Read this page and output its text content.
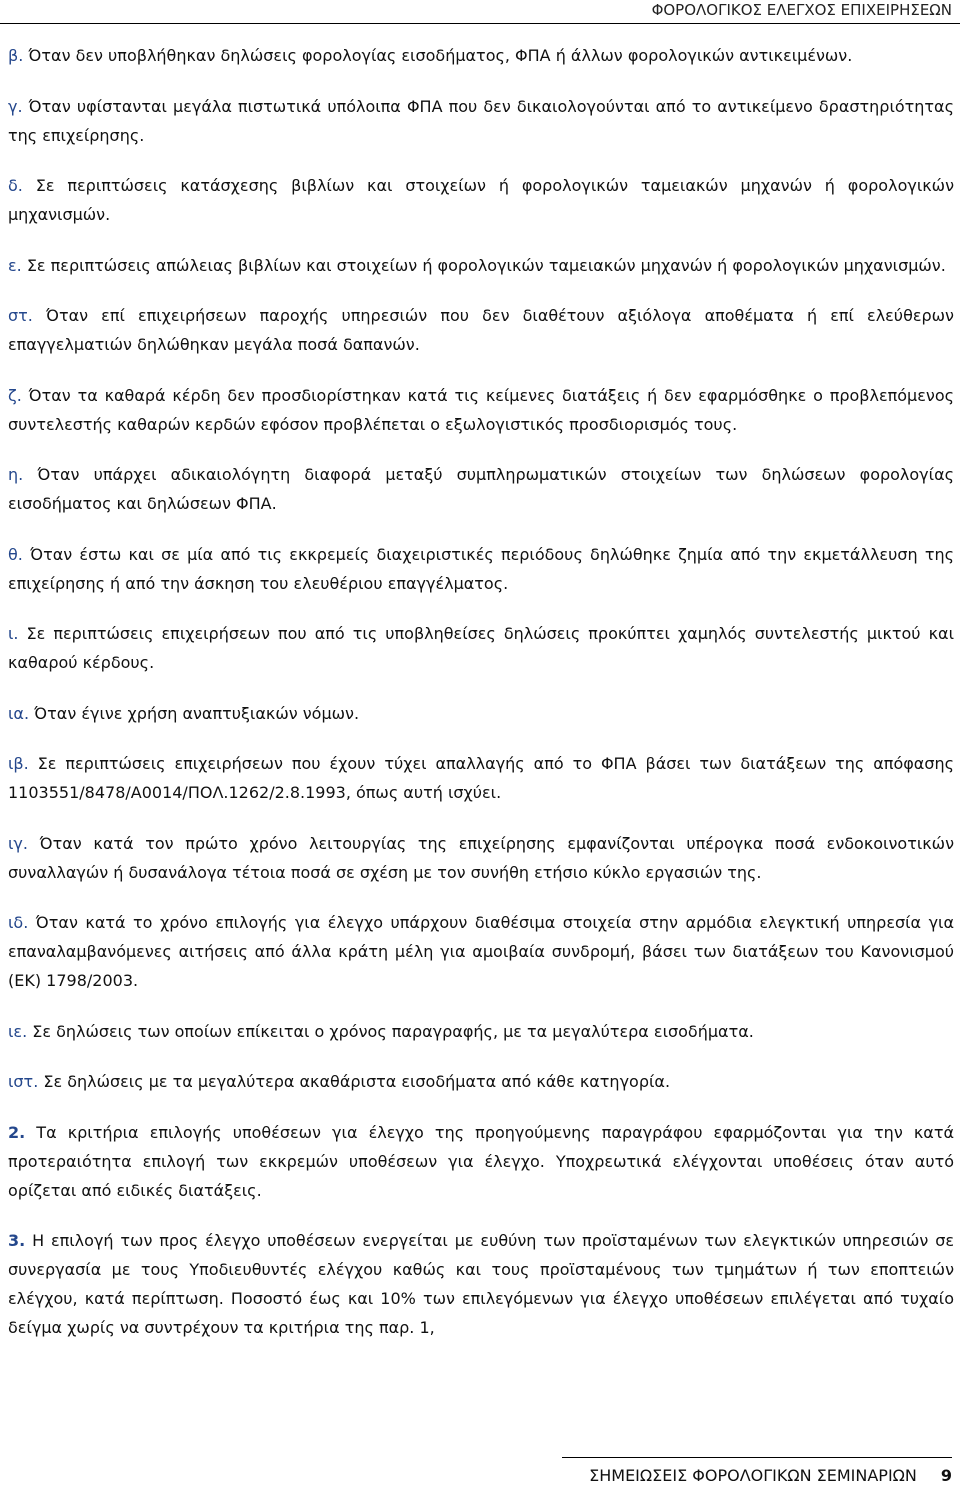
ΦΟΡΟΛΟΓΙΚΟΣ ΕΛΕΓΧΟΣ ΕΠΙΧΕΙΡΗΣΕΩΝ

β. Όταν δεν υποβλήθηκαν δηλώσεις φορολογίας εισοδήματος, ΦΠΑ ή άλλων φορολογικών αντικειμένων.

γ. Όταν υφίστανται μεγάλα πιστωτικά υπόλοιπα ΦΠΑ που δεν δικαιολογούνται από το αντικείμενο δραστηριότητας της επιχείρησης.

δ. Σε περιπτώσεις κατάσχεσης βιβλίων και στοιχείων ή φορολογικών ταμειακών μηχανών ή φορολογικών μηχανισμών.

ε. Σε περιπτώσεις απώλειας βιβλίων και στοιχείων ή φορολογικών ταμειακών μηχανών ή φορολογικών μηχανισμών.

στ. Όταν επί επιχειρήσεων παροχής υπηρεσιών που δεν διαθέτουν αξιόλογα αποθέματα ή επί ελεύθερων επαγγελματιών δηλώθηκαν μεγάλα ποσά δαπανών.

ζ. Όταν τα καθαρά κέρδη δεν προσδιορίστηκαν κατά τις κείμενες διατάξεις ή δεν εφαρμόσθηκε ο προβλεπόμενος συντελεστής καθαρών κερδών εφόσον προβλέπεται ο εξωλογιστικός προσδιορισμός τους.

η. Όταν υπάρχει αδικαιολόγητη διαφορά μεταξύ συμπληρωματικών στοιχείων των δηλώσεων φορολογίας εισοδήματος και δηλώσεων ΦΠΑ.

θ. Όταν έστω και σε μία από τις εκκρεμείς διαχειριστικές περιόδους δηλώθηκε ζημία από την εκμετάλλευση της επιχείρησης ή από την άσκηση του ελευθέριου επαγγέλματος.

ι. Σε περιπτώσεις επιχειρήσεων που από τις υποβληθείσες δηλώσεις προκύπτει χαμηλός συντελεστής μικτού και καθαρού κέρδους.

ια. Όταν έγινε χρήση αναπτυξιακών νόμων.

ιβ. Σε περιπτώσεις επιχειρήσεων που έχουν τύχει απαλλαγής από το ΦΠΑ βάσει των διατάξεων της απόφασης 1103551/8478/Α0014/ΠΟΛ.1262/2.8.1993, όπως αυτή ισχύει.

ιγ. Όταν κατά τον πρώτο χρόνο λειτουργίας της επιχείρησης εμφανίζονται υπέρογκα ποσά ενδοκοινοτικών συναλλαγών ή δυσανάλογα τέτοια ποσά σε σχέση με τον συνήθη ετήσιο κύκλο εργασιών της.

ιδ. Όταν κατά το χρόνο επιλογής για έλεγχο υπάρχουν διαθέσιμα στοιχεία στην αρμόδια ελεγκτική υπηρεσία για επαναλαμβανόμενες αιτήσεις από άλλα κράτη μέλη για αμοιβαία συνδρομή, βάσει των διατάξεων του Κανονισμού (ΕΚ) 1798/2003.

ιε. Σε δηλώσεις των οποίων επίκειται ο χρόνος παραγραφής, με τα μεγαλύτερα εισοδήματα.

ιστ. Σε δηλώσεις με τα μεγαλύτερα ακαθάριστα εισοδήματα από κάθε κατηγορία.

2. Τα κριτήρια επιλογής υποθέσεων για έλεγχο της προηγούμενης παραγράφου εφαρμόζονται για την κατά προτεραιότητα επιλογή των εκκρεμών υποθέσεων για έλεγχο. Υποχρεωτικά ελέγχονται υποθέσεις όταν αυτό ορίζεται από ειδικές διατάξεις.

3. Η επιλογή των προς έλεγχο υποθέσεων ενεργείται με ευθύνη των προϊσταμένων των ελεγκτικών υπηρεσιών σε συνεργασία με τους Υποδιευθυντές ελέγχου καθώς και τους προϊσταμένους των τμημάτων ή των εποπτειών ελέγχου, κατά περίπτωση. Ποσοστό έως και 10% των επιλεγόμενων για έλεγχο υποθέσεων επιλέγεται από τυχαίο δείγμα χωρίς να συντρέχουν τα κριτήρια της παρ. 1,

ΣΗΜΕΙΩΣΕΙΣ ΦΟΡΟΛΟΓΙΚΩΝ ΣΕΜΙΝΑΡΙΩΝ 9
